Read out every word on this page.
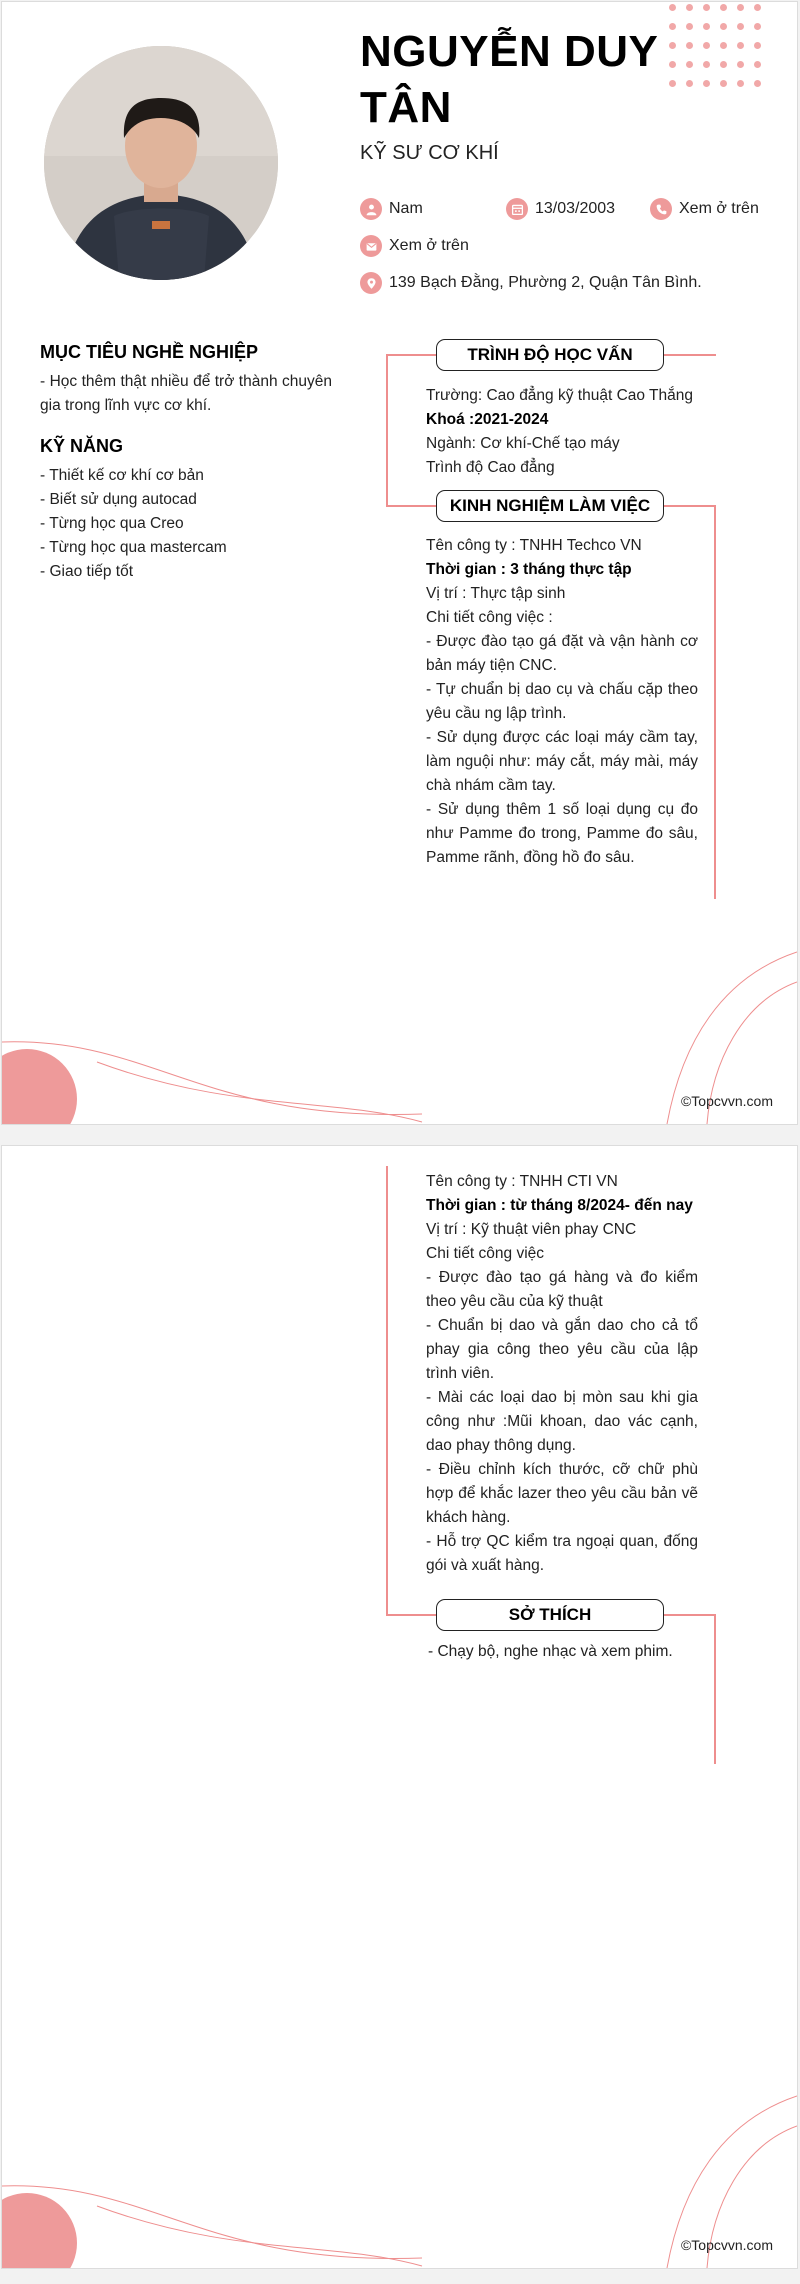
NGUYỄN DUY
TÂN
KỸ SƯ CƠ KHÍ
Nam	13/03/2003	Xem ở trên
Xem ở trên
139 Bạch Đằng, Phường 2, Quận Tân Bình.
MỤC TIÊU NGHỀ NGHIỆP
- Học thêm thật nhiều để trở thành chuyên gia trong lĩnh vực cơ khí.
KỸ NĂNG

- Thiết kế cơ khí cơ bản

- Biết sử dụng autocad

- Từng học qua Creo

- Từng học qua mastercam

- Giao tiếp tốt

TRÌNH ĐỘ HỌC VẤN

Trường: Cao đẳng kỹ thuật Cao Thắng

Khoá :2021-2024

Ngành: Cơ khí-Chế tạo máy

Trình độ Cao đẳng

KINH NGHIỆM LÀM VIỆC

Tên công ty : TNHH Techco VN

Thời gian : 3 tháng thực tập

Vị trí : Thực tập sinh

Chi tiết công việc :

- Được đào tạo gá đặt và vận hành cơ bản máy tiện CNC.

- Tự chuẩn bị dao cụ và chấu cặp theo yêu cầu ng lập trình.

- Sử dụng được các loại máy cầm tay, làm nguội như: máy cắt, máy mài, máy chà nhám cầm tay.

- Sử dụng thêm 1 số loại dụng cụ đo như Pamme đo trong, Pamme đo sâu, Pamme rãnh, đồng hồ đo sâu.

©Topcvvn.com

Tên công ty : TNHH CTI VN

Thời gian : từ tháng 8/2024- đến nay

Vị trí : Kỹ thuật viên phay CNC

Chi tiết công việc

- Được đào tạo gá hàng và đo kiểm theo yêu cầu của kỹ thuật

- Chuẩn bị dao và gắn dao cho cả tổ phay gia công theo yêu cầu của lập trình viên.

- Mài các loại dao bị mòn sau khi gia công như :Mũi khoan, dao vác cạnh, dao phay thông dụng.

- Điều chỉnh kích thước, cỡ chữ phù hợp để khắc lazer theo yêu cầu bản vẽ khách hàng.

- Hỗ trợ QC kiểm tra ngoại quan, đống gói và xuất hàng.

SỞ THÍCH
- Chạy bộ, nghe nhạc và xem phim.
©Topcvvn.com
